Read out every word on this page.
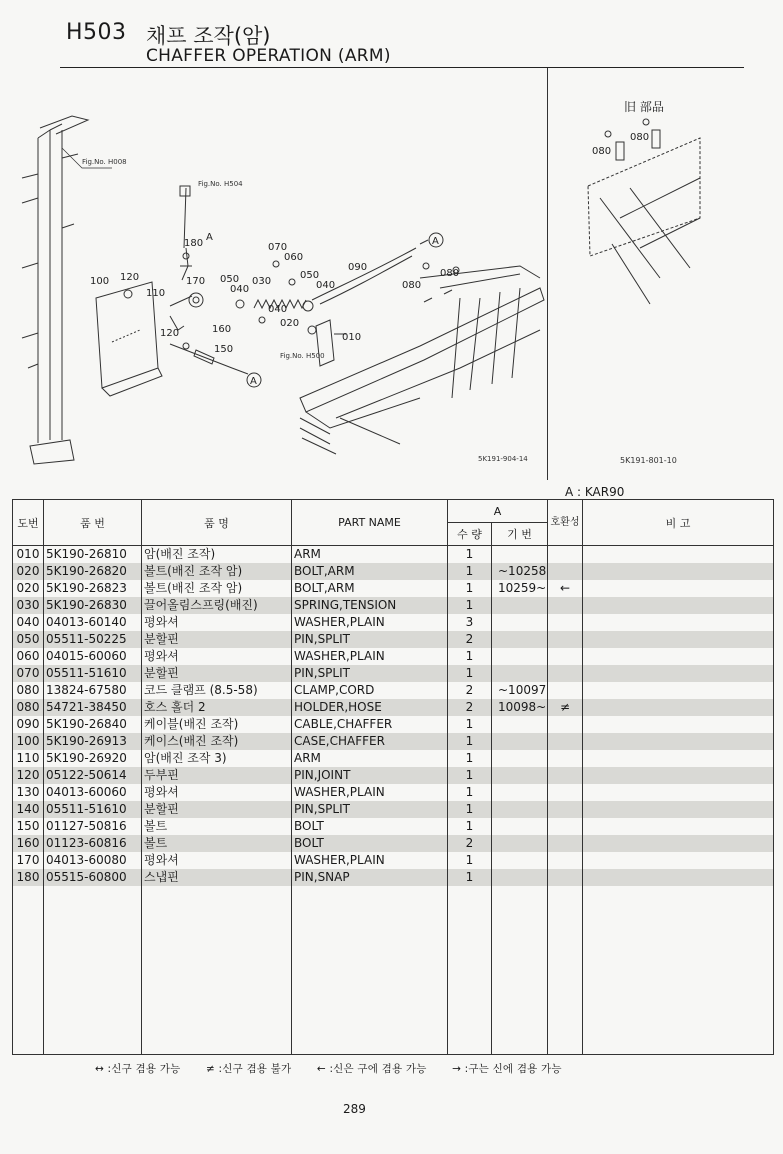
H503 채프 조작(암)
CHAFFER OPERATION (ARM)
Fig.No. H008
Fig.No. H504
Fig.No. H500
100 120
110
170
120
180
A
160
150
050
040
030
070
060
050
040
040
020
010
090
080
080
080
080
A
A
旧 部品
5K191-904-14	5K191-801-10
A : KAR90
도번	품 번	품 명	PART NAME	A		호환성	비 고
				수 량	기 번		
010	5K190-26810	암(배진 조작)	ARM	1			
020	5K190-26820	볼트(배진 조작 암)	BOLT,ARM	1	~10258		
020	5K190-26823	볼트(배진 조작 암)	BOLT,ARM	1	10259~	←	
030	5K190-26830	끌어올림스프링(배진)	SPRING,TENSION	1			
040	04013-60140	평와셔	WASHER,PLAIN	3			
050	05511-50225	분할핀	PIN,SPLIT	2			
060	04015-60060	평와셔	WASHER,PLAIN	1			
070	05511-51610	분할핀	PIN,SPLIT	1			
080	13824-67580	코드 클램프 (8.5-58)	CLAMP,CORD	2	~10097		
080	54721-38450	호스 홀더 2	HOLDER,HOSE	2	10098~	≠	
090	5K190-26840	케이블(배진 조작)	CABLE,CHAFFER	1			
100	5K190-26913	케이스(배진 조작)	CASE,CHAFFER	1			
110	5K190-26920	암(배진 조작 3)	ARM	1			
120	05122-50614	두부핀	PIN,JOINT	1			
130	04013-60060	평와셔	WASHER,PLAIN	1			
140	05511-51610	분할핀	PIN,SPLIT	1			
150	01127-50816	볼트	BOLT	1			
160	01123-60816	볼트	BOLT	2			
170	04013-60080	평와셔	WASHER,PLAIN	1			
180	05515-60800	스냅핀	PIN,SNAP	1			

↔ :신구 겸용 가능 ≠ :신구 겸용 불가 ← :신은 구에 겸용 가능 → :구는 신에 겸용 가능
289
